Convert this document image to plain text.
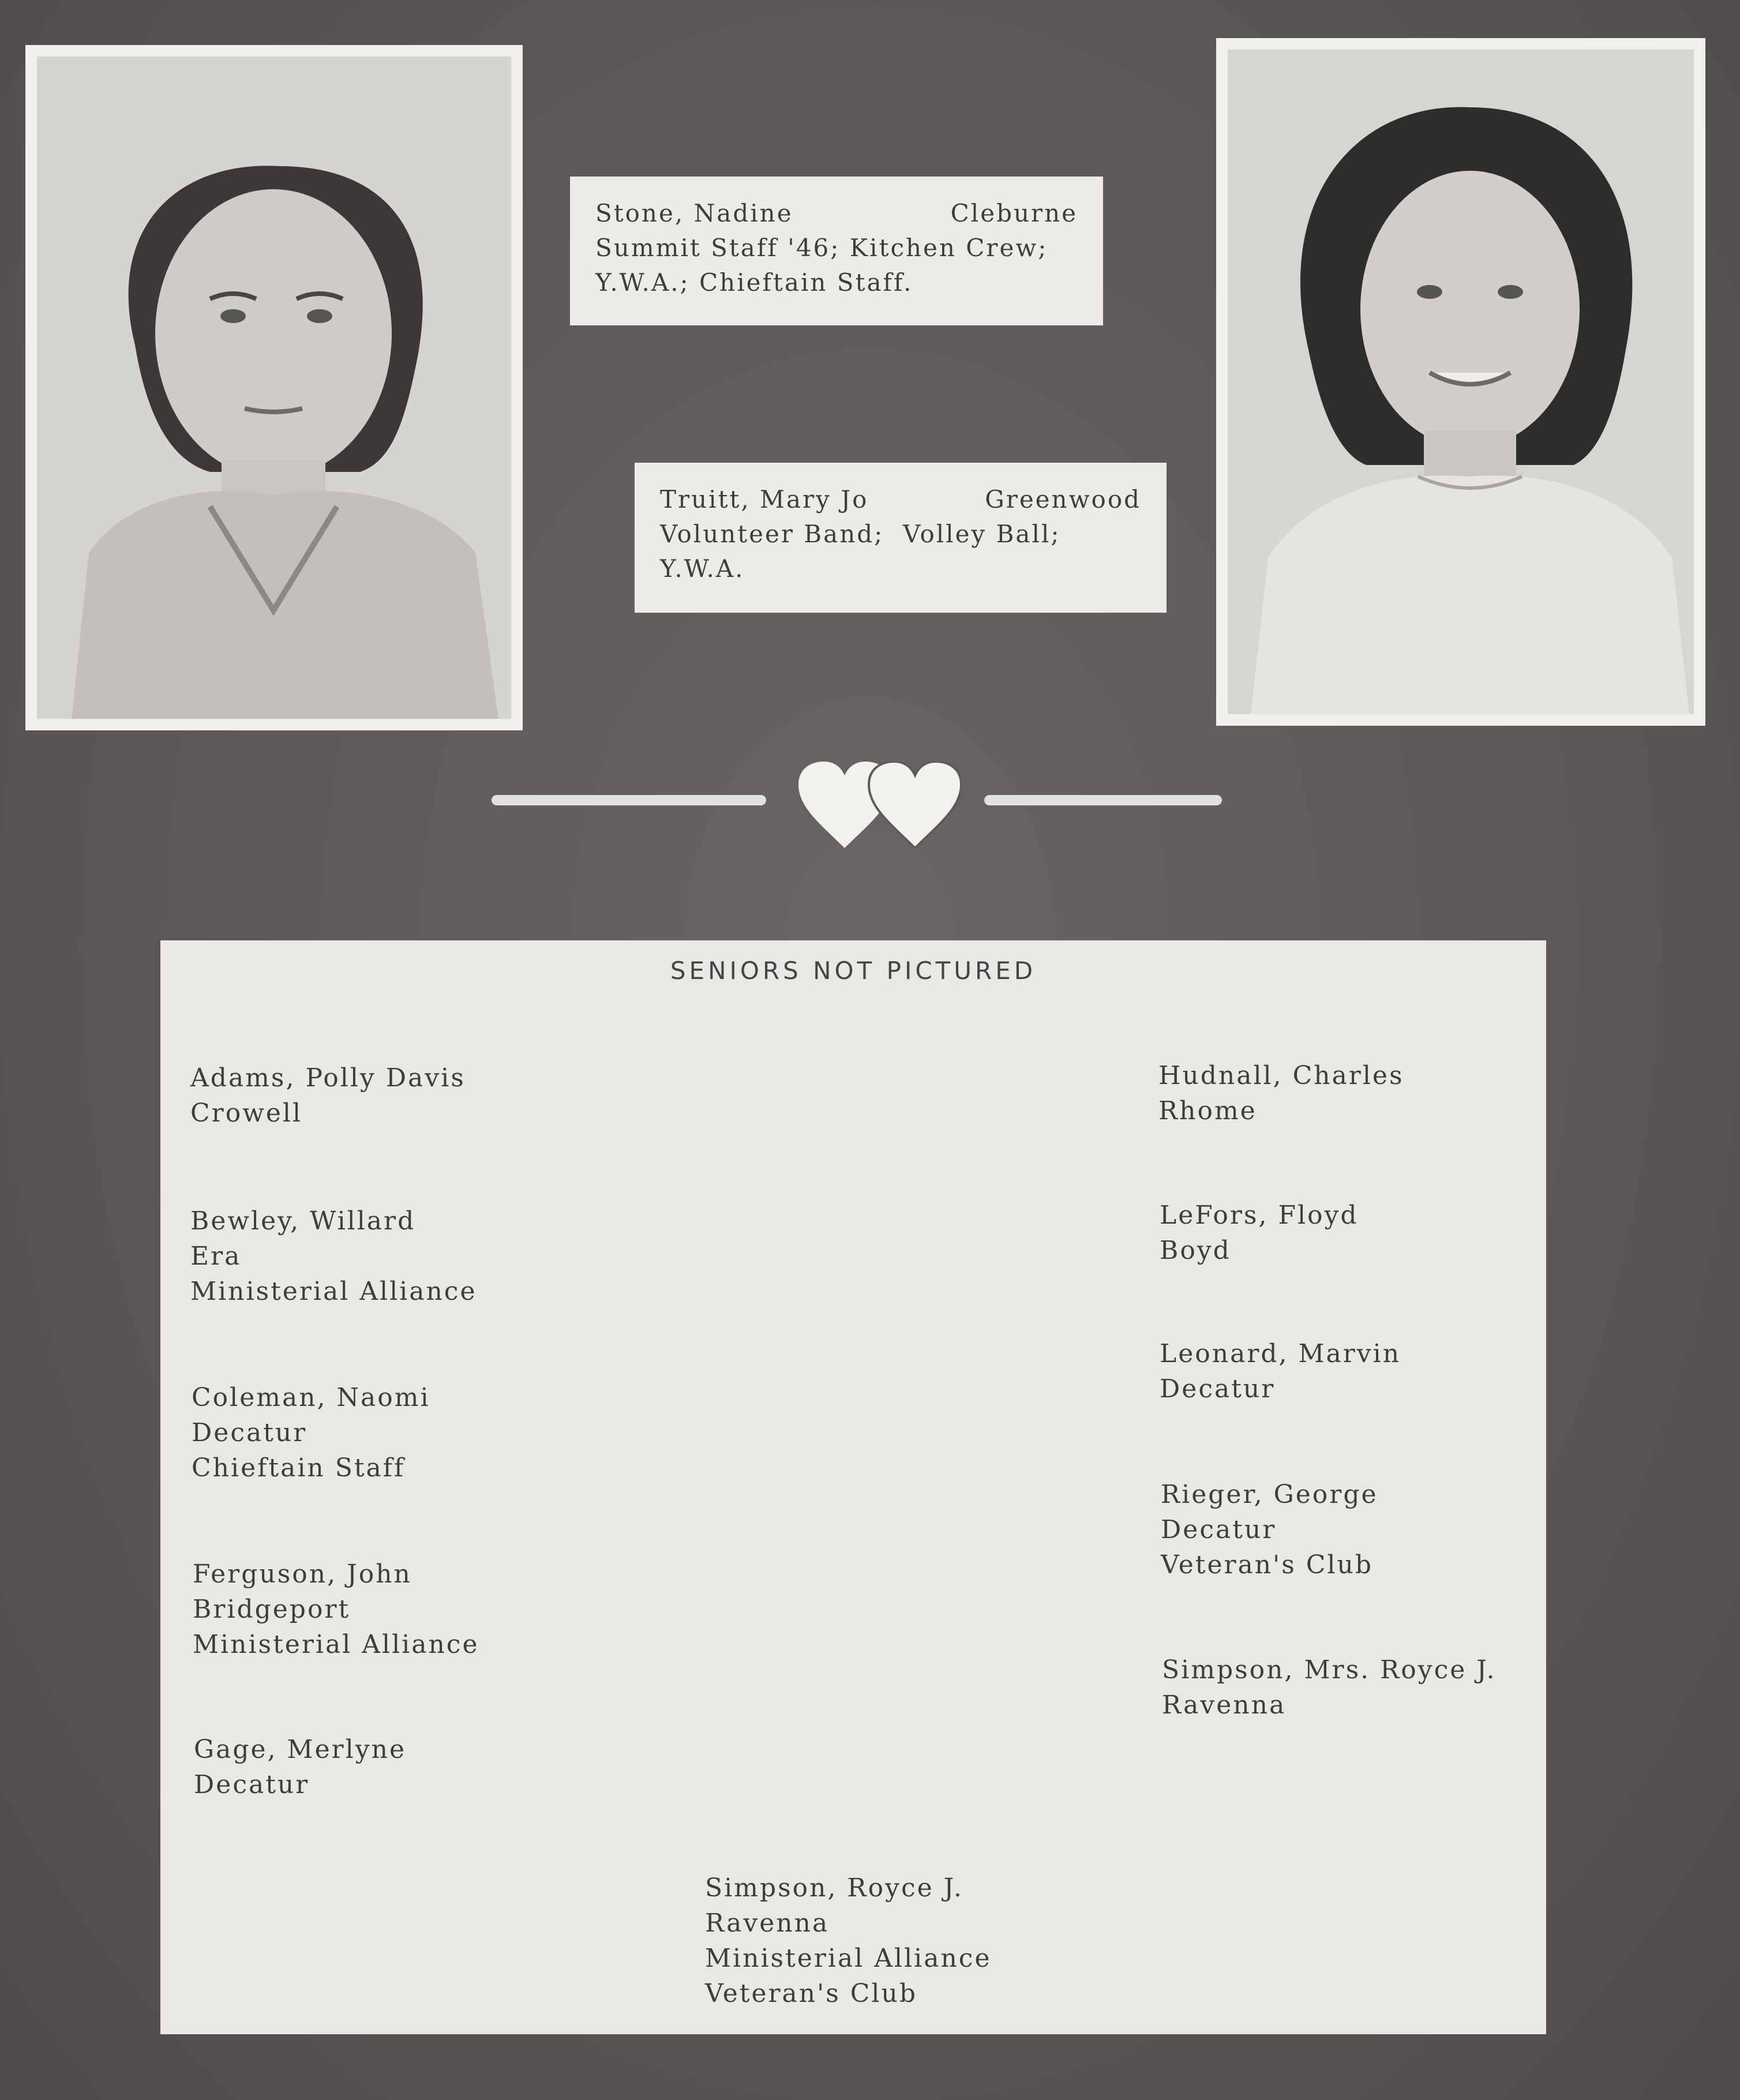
Stone, Nadine	Cleburne
Summit Staff '46; Kitchen Crew;
Y.W.A.; Chieftain Staff.
Truitt, Mary Jo	Greenwood
Volunteer Band;  Volley Ball;
Y.W.A.
SENIORS NOT PICTURED
Adams, Polly Davis
Crowell
Bewley, Willard
Era
Ministerial Alliance
Coleman, Naomi
Decatur
Chieftain Staff
Ferguson, John
Bridgeport
Ministerial Alliance
Gage, Merlyne
Decatur
Hudnall, Charles
Rhome
LeFors, Floyd
Boyd
Leonard, Marvin
Decatur
Rieger, George
Decatur
Veteran's Club
Simpson, Mrs. Royce J.
Ravenna
Simpson, Royce J.
Ravenna
Ministerial Alliance
Veteran's Club
